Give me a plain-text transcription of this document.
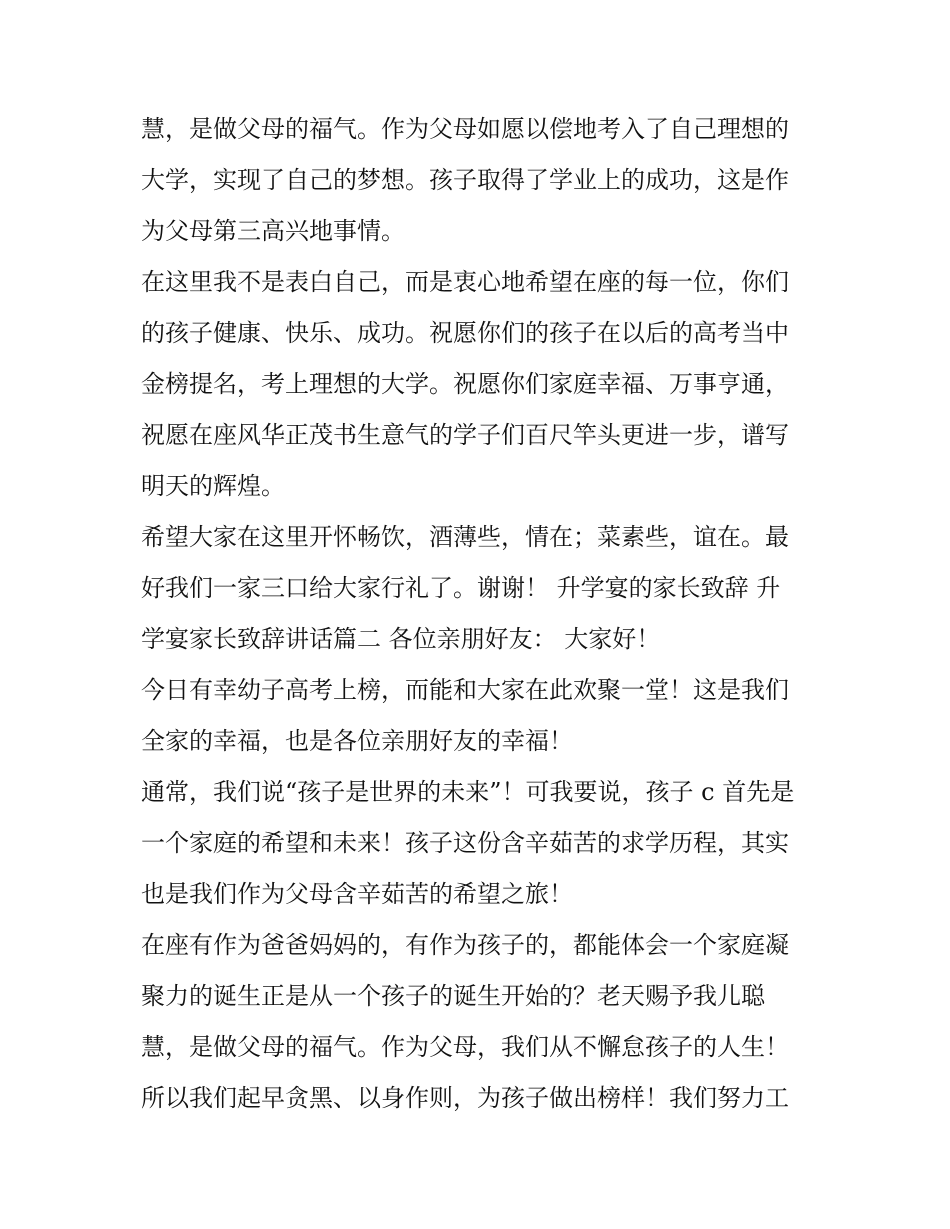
慧，是做父母的福气。作为父母如愿以偿地考入了自己理想的
大学，实现了自己的梦想。孩子取得了学业上的成功，这是作
为父母第三高兴地事情。
在这里我不是表白自己，而是衷心地希望在座的每一位，你们
的孩子健康、快乐、成功。祝愿你们的孩子在以后的高考当中
金榜提名，考上理想的大学。祝愿你们家庭幸福、万事亨通，
祝愿在座风华正茂书生意气的学子们百尺竿头更进一步，谱写
明天的辉煌。
希望大家在这里开怀畅饮，酒薄些，情在；菜素些，谊在。最
好我们一家三口给大家行礼了。谢谢！ 升学宴的家长致辞 升
学宴家长致辞讲话篇二 各位亲朋好友： 大家好！
今日有幸幼子高考上榜，而能和大家在此欢聚一堂！这是我们
全家的幸福，也是各位亲朋好友的幸福！
通常，我们说“孩子是世界的未来”！可我要说，孩子 c 首先是
一个家庭的希望和未来！孩子这份含辛茹苦的求学历程，其实
也是我们作为父母含辛茹苦的希望之旅！
在座有作为爸爸妈妈的，有作为孩子的，都能体会一个家庭凝
聚力的诞生正是从一个孩子的诞生开始的？老天赐予我儿聪
慧，是做父母的福气。作为父母，我们从不懈怠孩子的人生！
所以我们起早贪黑、以身作则，为孩子做出榜样！我们努力工
